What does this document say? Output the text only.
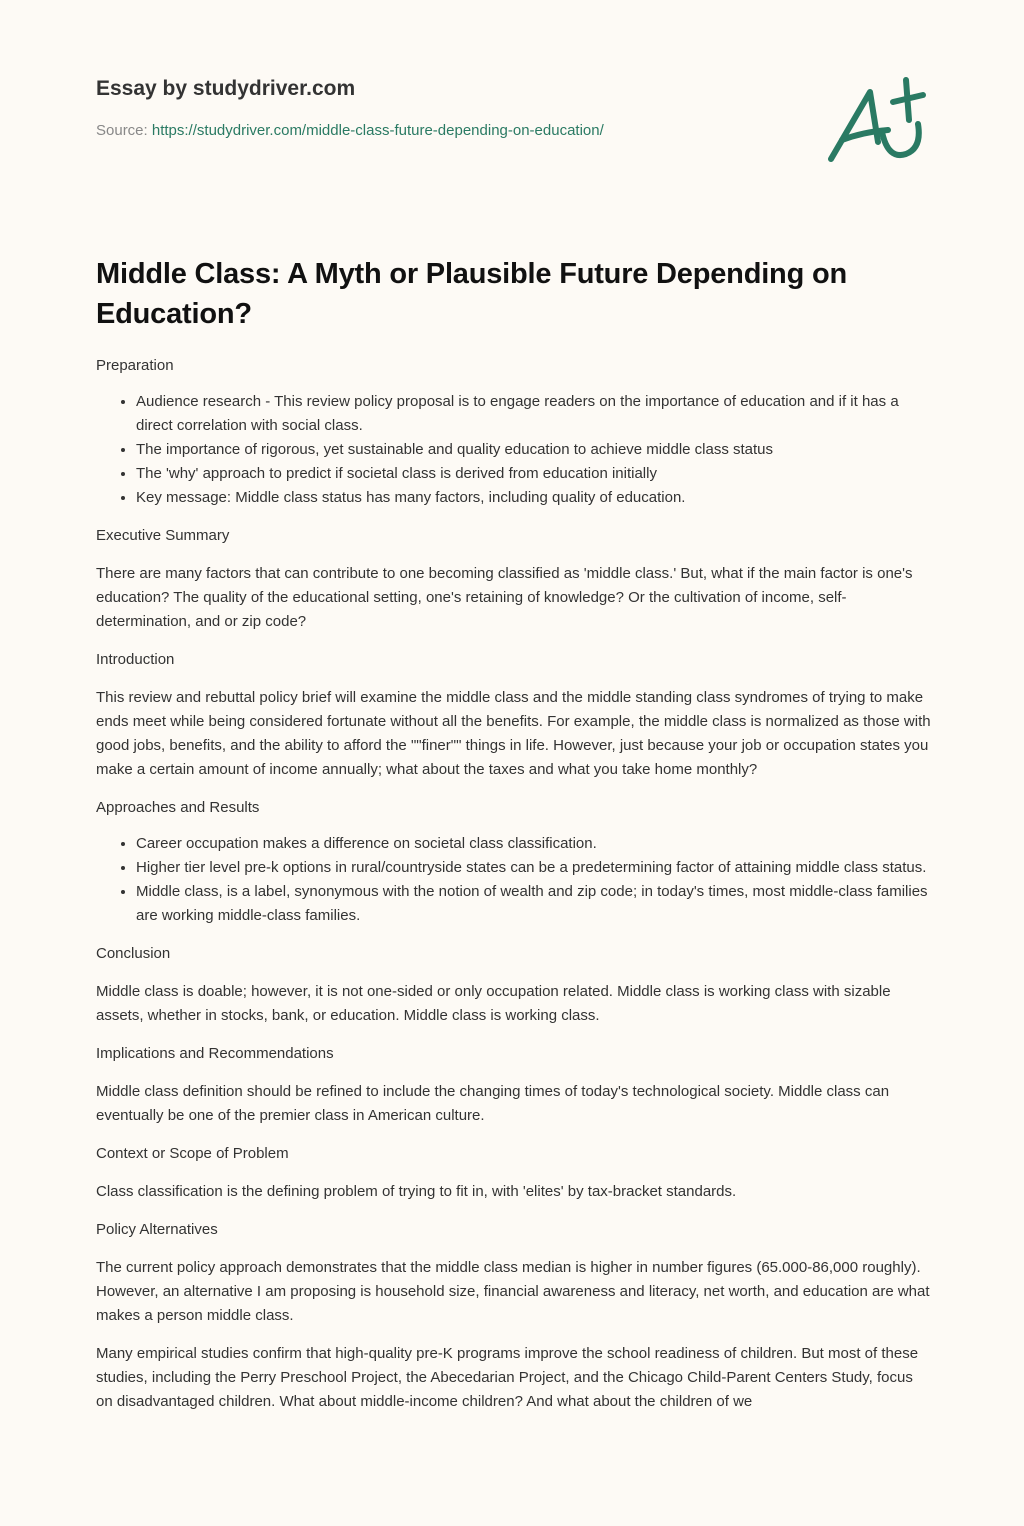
Essay by studydriver.com
Source: https://studydriver.com/middle-class-future-depending-on-education/
Middle Class: A Myth or Plausible Future Depending on Education?
Preparation
• Audience research - This review policy proposal is to engage readers on the importance of education and if it has a direct correlation with social class.
• The importance of rigorous, yet sustainable and quality education to achieve middle class status
• The 'why' approach to predict if societal class is derived from education initially
• Key message: Middle class status has many factors, including quality of education.
Executive Summary

There are many factors that can contribute to one becoming classified as 'middle class.' But, what if the main factor is one's education? The quality of the educational setting, one's retaining of knowledge? Or the cultivation of income, self-determination, and or zip code?

Introduction

This review and rebuttal policy brief will examine the middle class and the middle standing class syndromes of trying to make ends meet while being considered fortunate without all the benefits. For example, the middle class is normalized as those with good jobs, benefits, and the ability to afford the ""finer"" things in life. However, just because your job or occupation states you make a certain amount of income annually; what about the taxes and what you take home monthly?

Approaches and Results
• Career occupation makes a difference on societal class classification.
• Higher tier level pre-k options in rural/countryside states can be a predetermining factor of attaining middle class status.
• Middle class, is a label, synonymous with the notion of wealth and zip code; in today's times, most middle-class families are working middle-class families.
Conclusion

Middle class is doable; however, it is not one-sided or only occupation related. Middle class is working class with sizable assets, whether in stocks, bank, or education. Middle class is working class.

Implications and Recommendations

Middle class definition should be refined to include the changing times of today's technological society. Middle class can eventually be one of the premier class in American culture.

Context or Scope of Problem

Class classification is the defining problem of trying to fit in, with 'elites' by tax-bracket standards.

Policy Alternatives

The current policy approach demonstrates that the middle class median is higher in number figures (65.000-86,000 roughly). However, an alternative I am proposing is household size, financial awareness and literacy, net worth, and education are what makes a person middle class.

Many empirical studies confirm that high-quality pre-K programs improve the school readiness of children. But most of these studies, including the Perry Preschool Project, the Abecedarian Project, and the Chicago Child-Parent Centers Study, focus on disadvantaged children. What about middle-income children? And what about the children of we
